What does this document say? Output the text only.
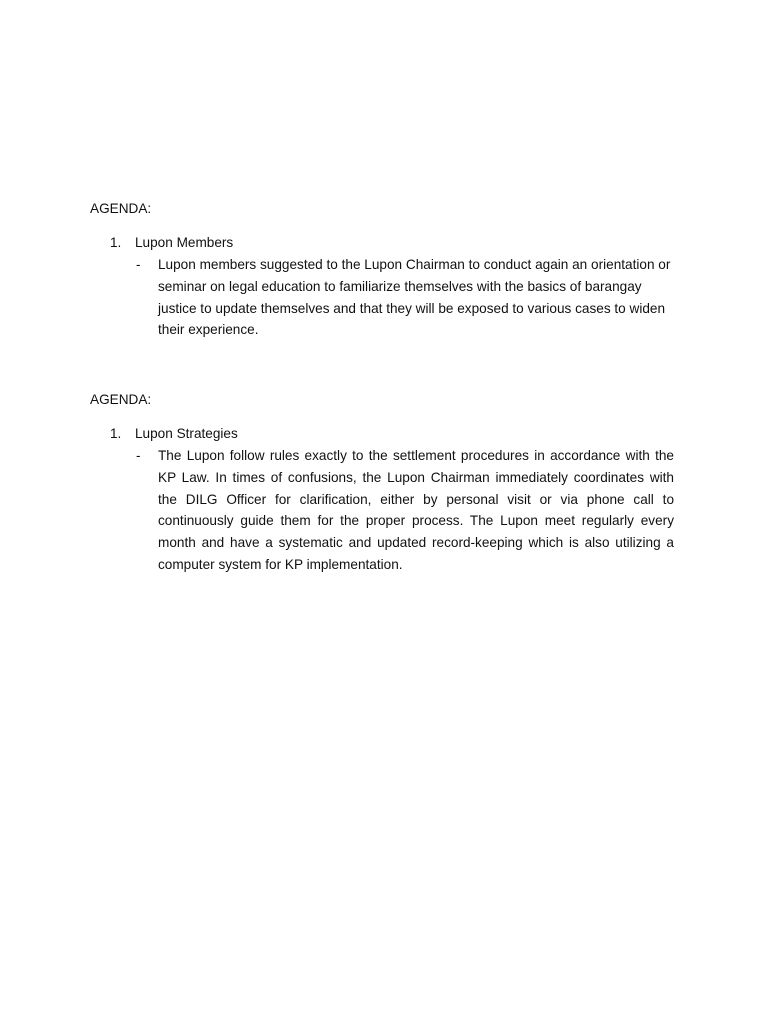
AGENDA:
1. Lupon Members
- Lupon members suggested to the Lupon Chairman to conduct again an orientation or seminar on legal education to familiarize themselves with the basics of barangay justice to update themselves and that they will be exposed to various cases to widen their experience.

AGENDA:
1. Lupon Strategies
- The Lupon follow rules exactly to the settlement procedures in accordance with the KP Law. In times of confusions, the Lupon Chairman immediately coordinates with the DILG Officer for clarification, either by personal visit or via phone call to continuously guide them for the proper process. The Lupon meet regularly every month and have a systematic and updated record-keeping which is also utilizing a computer system for KP implementation.
